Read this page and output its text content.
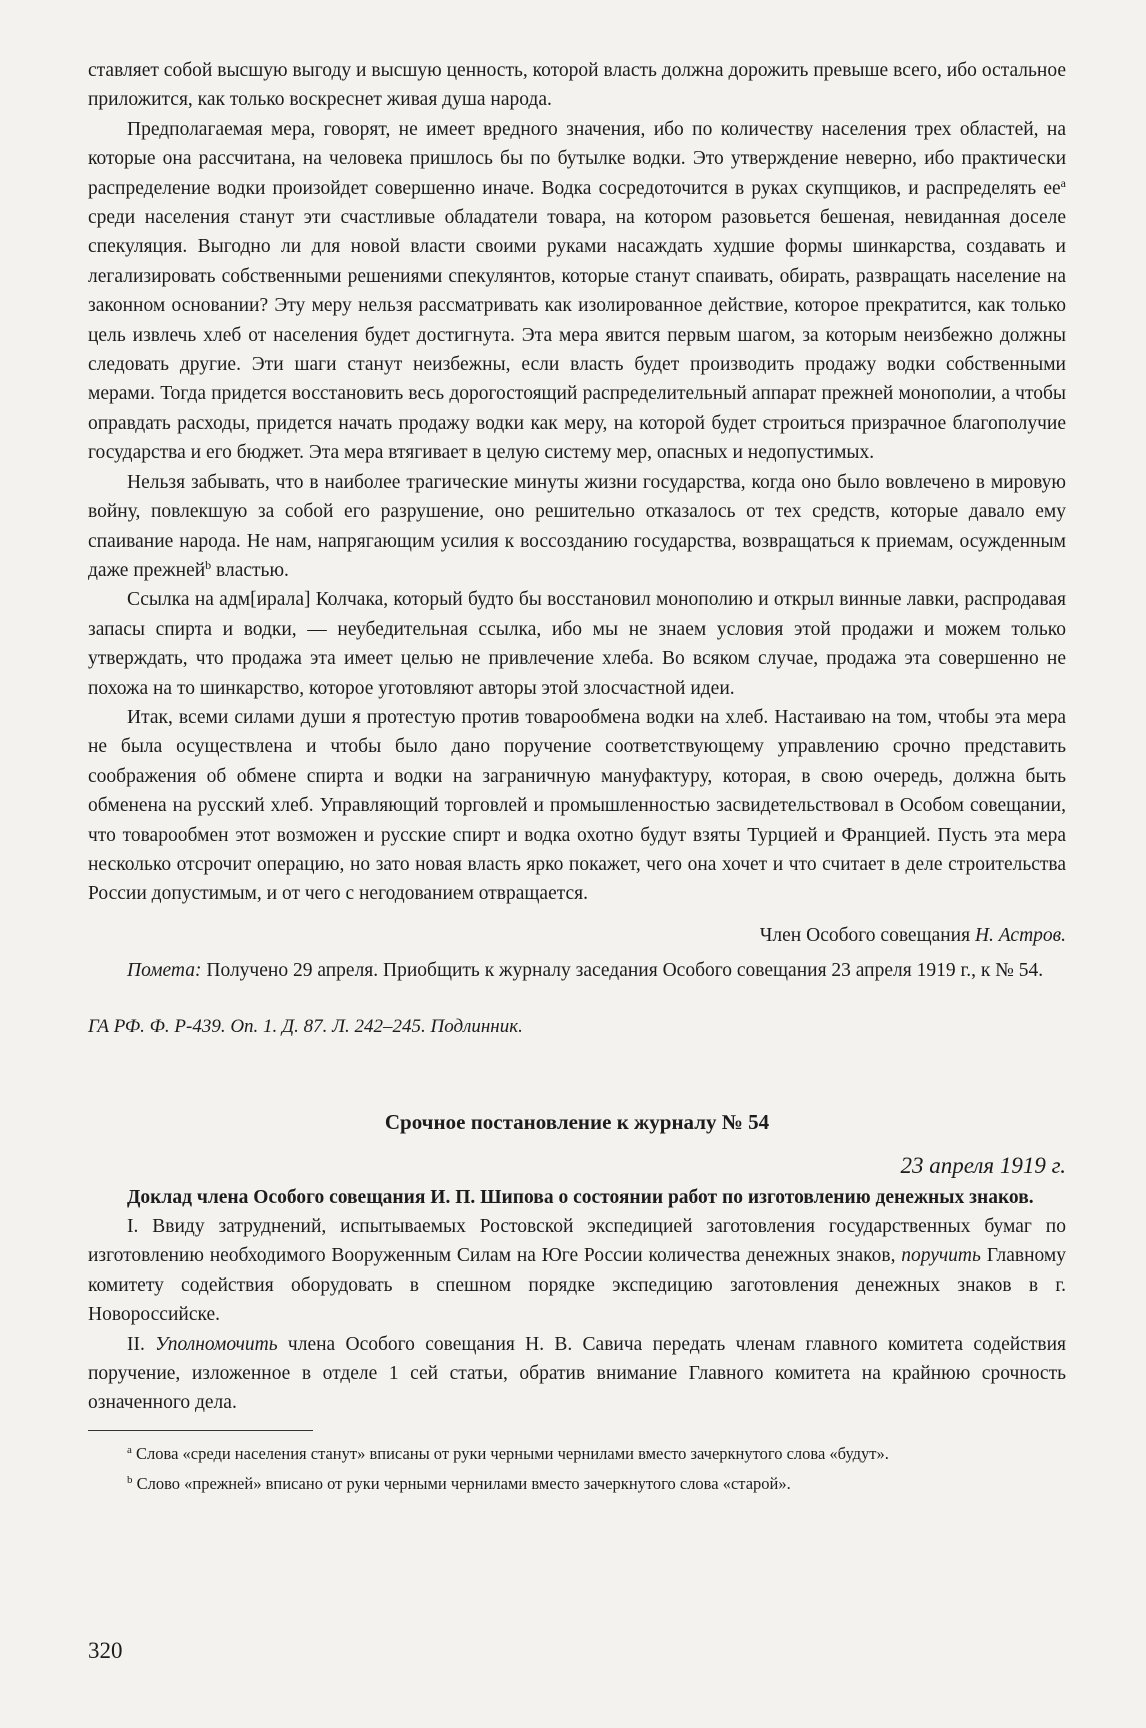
ставляет собой высшую выгоду и высшую ценность, которой власть должна дорожить превыше всего, ибо остальное приложится, как только воскреснет живая душа народа.

Предполагаемая мера, говорят, не имеет вредного значения, ибо по количеству населения трех областей, на которые она рассчитана, на человека пришлось бы по бутылке водки. Это утверждение неверно, ибо практически распределение водки произойдет совершенно иначе. Водка сосредоточится в руках скупщиков, и распределять $ее^a$ среди населения станут эти счастливые обладатели товара, на котором разовьется бешеная, невиданная доселе спекуляция. Выгодно ли для новой власти своими руками насаждать худшие формы шинкарства, создавать и легализировать собственными решениями спекулянтов, которые станут спаивать, обирать, развращать население на законном основании? Эту меру нельзя рассматривать как изолированное действие, которое прекратится, как только цель извлечь хлеб от населения будет достигнута. Эта мера явится первым шагом, за которым неизбежно должны следовать другие. Эти шаги станут неизбежны, если власть будет производить продажу водки собственными мерами. Тогда придется восстановить весь дорогостоящий распределительный аппарат прежней монополии, а чтобы оправдать расходы, придется начать продажу водки как меру, на которой будет строиться призрачное благополучие государства и его бюджет. Эта мера втягивает в целую систему мер, опасных и недопустимых.

Нельзя забывать, что в наиболее трагические минуты жизни государства, когда оно было вовлечено в мировую войну, повлекшую за собой его разрушение, оно решительно отказалось от тех средств, которые давало ему спаивание народа. Не нам, напрягающим усилия к воссозданию государства, возвращаться к приемам, осужденным даже прежней$^b$ властью.

Ссылка на адм[ирала] Колчака, который будто бы восстановил монополию и открыл винные лавки, распродавая запасы спирта и водки, — неубедительная ссылка, ибо мы не знаем условия этой продажи и можем только утверждать, что продажа эта имеет целью не привлечение хлеба. Во всяком случае, продажа эта совершенно не похожа на то шинкарство, которое уготовляют авторы этой злосчастной идеи.

Итак, всеми силами души я протестую против товарообмена водки на хлеб. Настаиваю на том, чтобы эта мера не была осуществлена и чтобы было дано поручение соответствующему управлению срочно представить соображения об обмене спирта и водки на заграничную мануфактуру, которая, в свою очередь, должна быть обменена на русский хлеб. Управляющий торговлей и промышленностью засвидетельствовал в Особом совещании, что товарообмен этот возможен и русские спирт и водка охотно будут взяты Турцией и Францией. Пусть эта мера несколько отсрочит операцию, но зато новая власть ярко покажет, чего она хочет и что считает в деле строительства России допустимым, и от чего с негодованием отвращается.

Член Особого совещания Н. Астров.

Помета: Получено 29 апреля. Приобщить к журналу заседания Особого совещания 23 апреля 1919 г., к № 54.

ГА РФ. Ф. Р-439. Оп. 1. Д. 87. Л. 242–245. Подлинник.
Срочное постановление к журналу № 54
23 апреля 1919 г.

Доклад члена Особого совещания И. П. Шипова о состоянии работ по изготовлению денежных знаков.

I. Ввиду затруднений, испытываемых Ростовской экспедицией заготовления государственных бумаг по изготовлению необходимого Вооруженным Силам на Юге России количества денежных знаков, поручить Главному комитету содействия оборудовать в спешном порядке экспедицию заготовления денежных знаков в г. Новороссийске.

II. Уполномочить члена Особого совещания Н. В. Савича передать членам главного комитета содействия поручение, изложенное в отделе 1 сей статьи, обратив внимание Главного комитета на крайнюю срочность означенного дела.

$^a$ Слова «среди населения станут» вписаны от руки черными чернилами вместо зачеркнутого слова «будут».

$^b$ Слово «прежней» вписано от руки черными чернилами вместо зачеркнутого слова «старой».

320
